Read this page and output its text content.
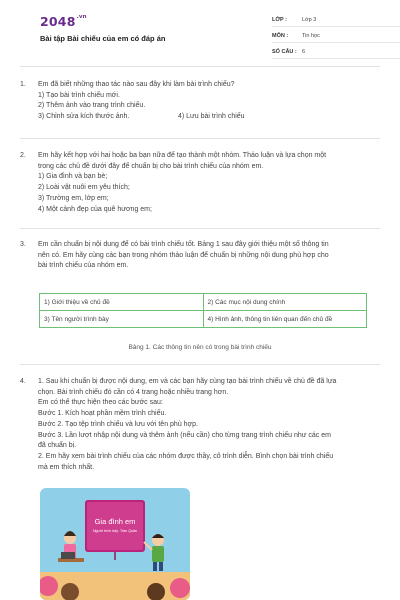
$2048^{.vn}$
Bài tập Bài chiếu của em có đáp án
LỚP :	Lớp 3
MÔN :	Tin học
SỐ CÂU : 6
1. Em đã biết những thao tác nào sau đây khi làm bài trình chiếu?
1) Tạo bài trình chiếu mới.
2) Thêm ảnh vào trang trình chiếu.
3) Chỉnh sửa kích thước ảnh.	4) Lưu bài trình chiếu
2. Em hãy kết hợp với hai hoặc ba bạn nữa để tạo thành một nhóm. Thảo luận và lựa chọn một
trong các chủ đề dưới đây để chuẩn bị cho bài trình chiếu của nhóm em.
1) Gia đình và bạn bè;
2) Loài vật nuôi em yêu thích;
3) Trường em, lớp em;
4) Một cảnh đẹp của quê hương em;
3. Em cần chuẩn bị nội dung để có bài trình chiếu tốt. Bảng 1 sau đây giới thiệu một số thông tin
nên có. Em hãy cùng các bạn trong nhóm thảo luận để chuẩn bị những nội dung phù hợp cho
bài trình chiếu của nhóm em.
1) Giới thiệu về chủ đề	2) Các mục nội dung chính
3) Tên người trình bày	4) Hình ảnh, thông tin liên quan đến chủ đề
Bảng 1. Các thông tin nên có trong bài trình chiếu
4. 1. Sau khi chuẩn bị được nội dung, em và các bạn hãy cùng tạo bài trình chiếu về chủ đề đã lựa
chọn. Bài trình chiếu đó cần có 4 trang hoặc nhiều trang hơn.
Em có thể thực hiện theo các bước sau:
Bước 1. Kích hoạt phần mềm trình chiếu.
Bước 2. Tạo tệp trình chiếu và lưu với tên phù hợp.
Bước 3. Lần lượt nhập nội dung và thêm ảnh (nếu cần) cho từng trang trình chiếu như các em
đã chuẩn bị.
2. Em hãy xem bài trình chiếu của các nhóm được thầy, cô trình diễn. Bình chọn bài trình chiếu
mà em thích nhất.
Gia đình em
Người trình bày: Trần Quân
